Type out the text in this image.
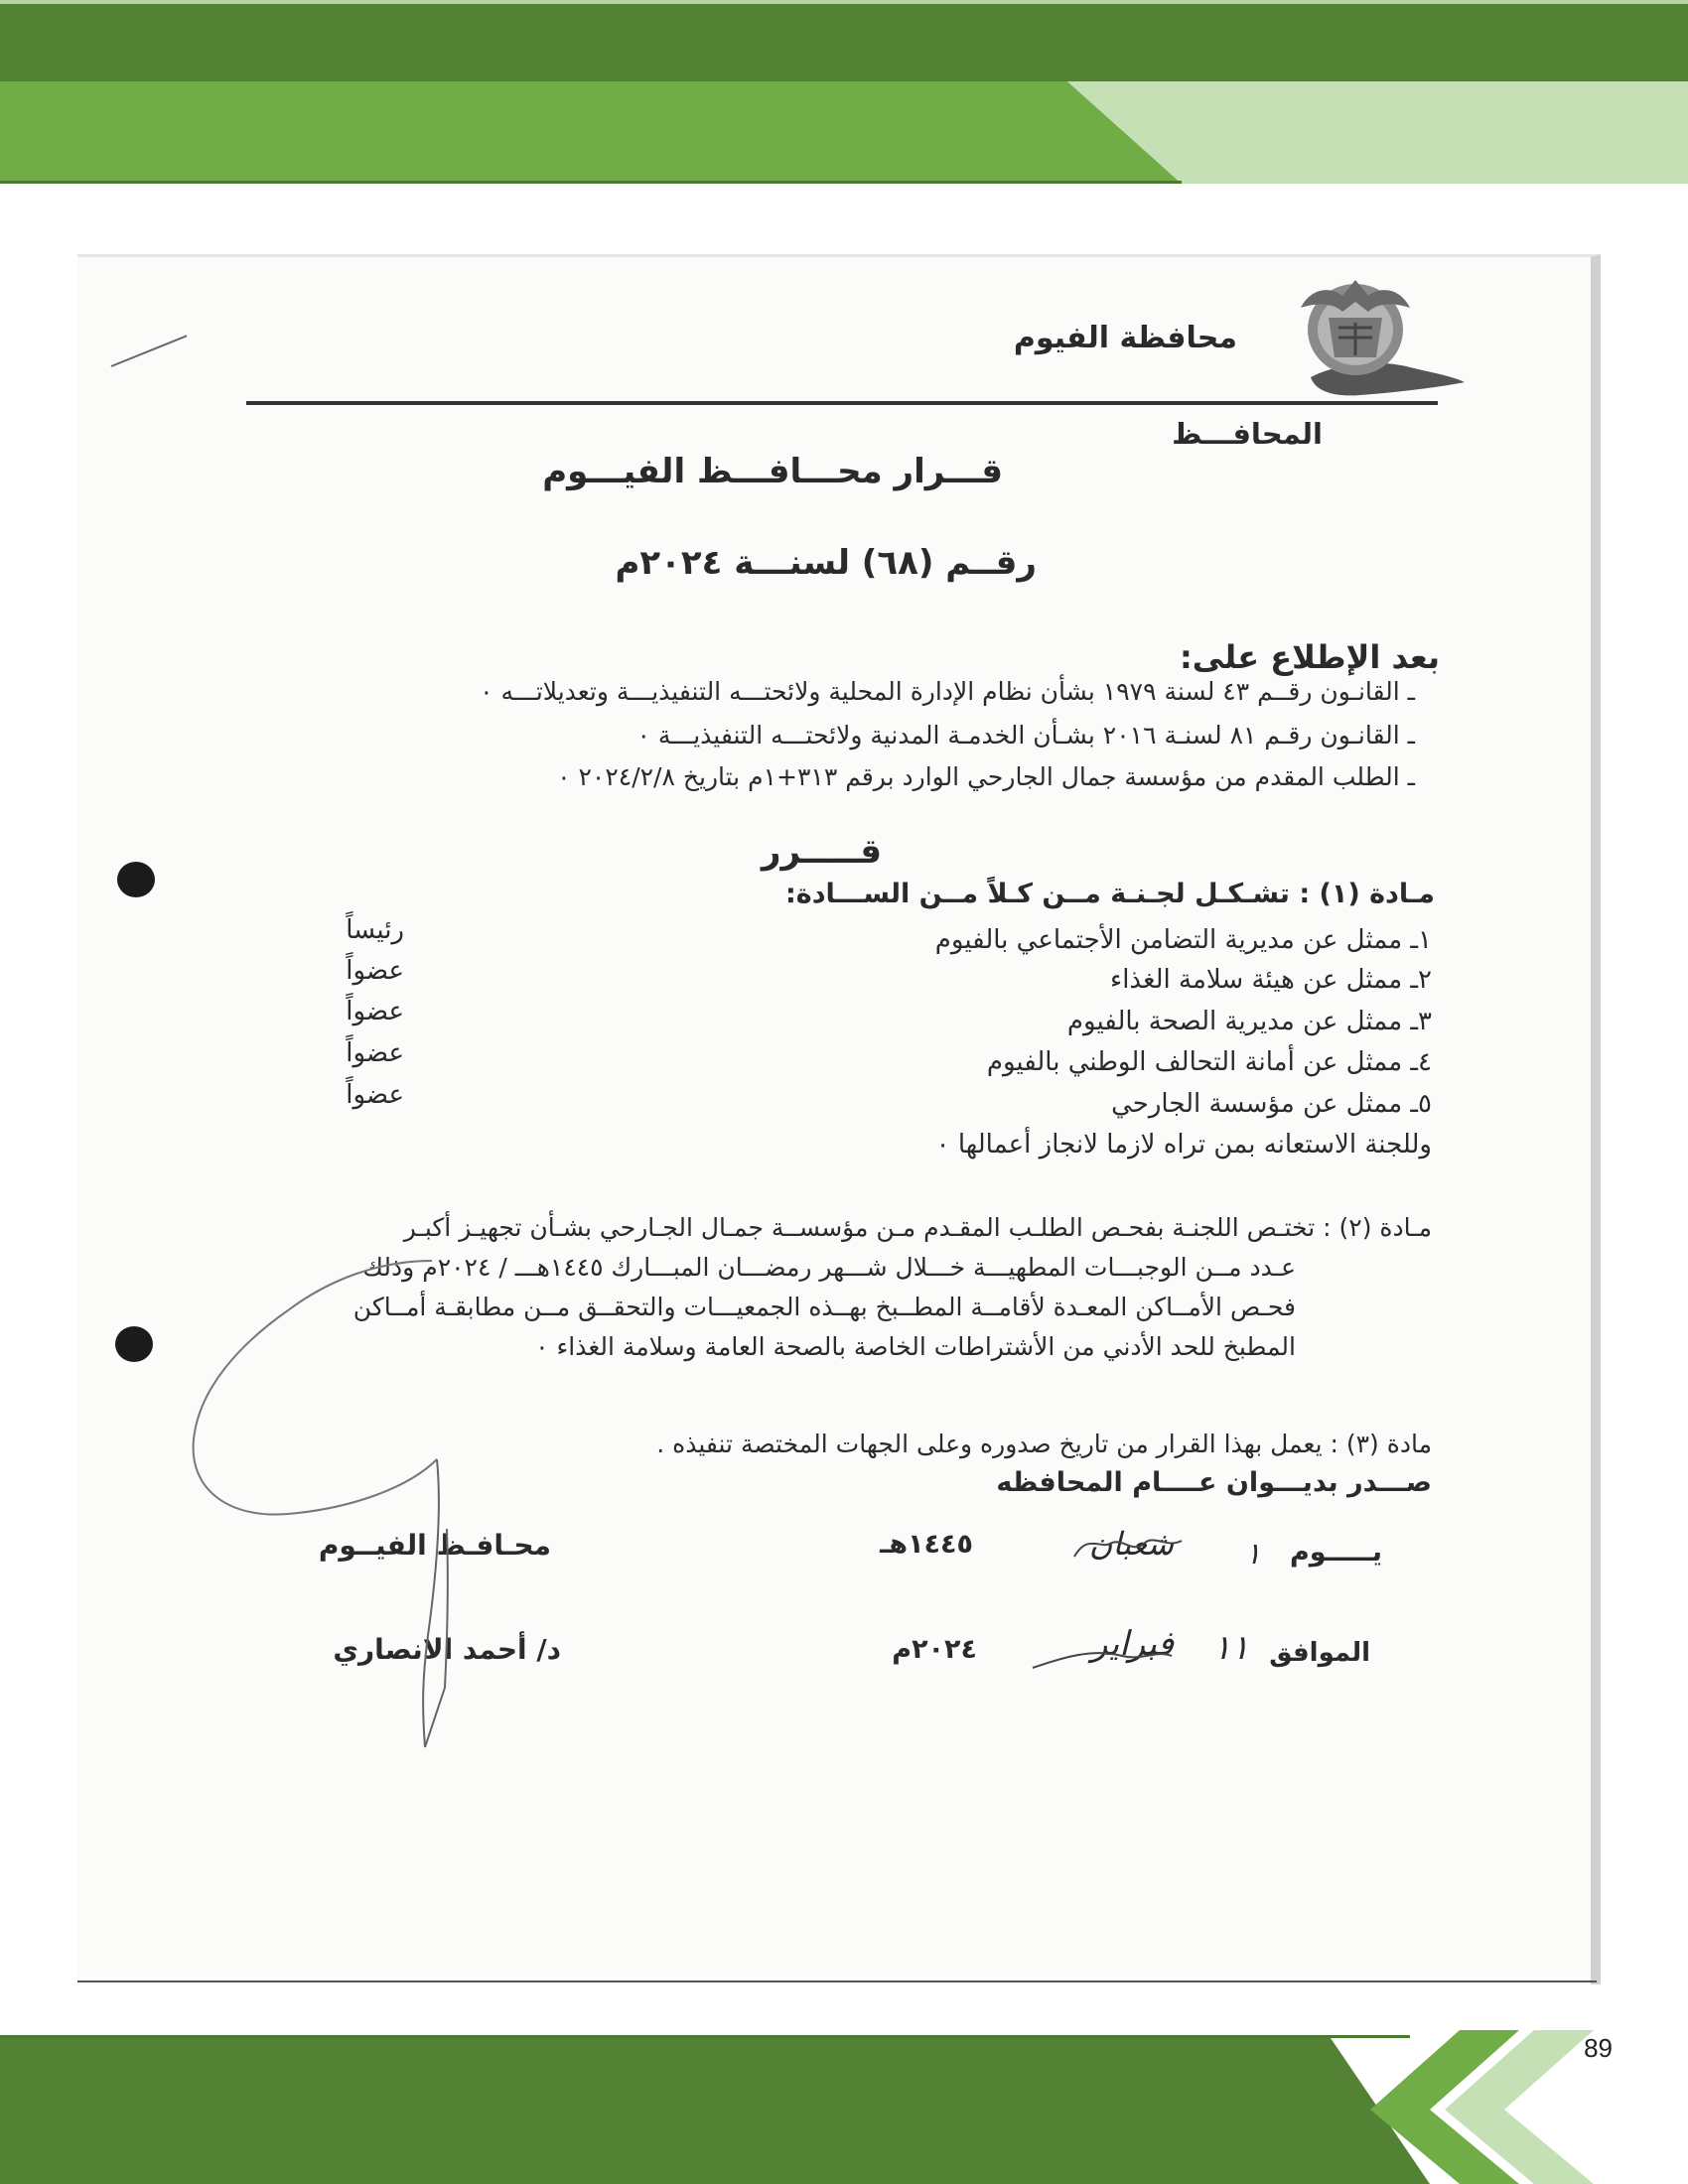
محافظة الفيوم
المحافـــظ
قـــرار محـــافـــظ الفيـــوم
رقــم (٦٨) لسنـــة ٢٠٢٤م
بعد الإطلاع على:
ـ القانـون رقــم ٤٣ لسنة ١٩٧٩ بشأن نظام الإدارة المحلية ولائحتـــه التنفيذيـــة وتعديلاتـــه ٠
ـ القانـون رقـم ٨١ لسنـة ٢٠١٦ بشـأن الخدمـة المدنية ولائحتـــه التنفيذيـــة ٠
ـ الطلب المقدم من مؤسسة جمال الجارحي الوارد برقم ٣١٣+١م بتاريخ ٢٠٢٤/٢/٨ ٠
قـــــرر
مـادة (١) : تشـكـل لجـنـة مــن كـلاً مــن الســـادة:
١ـ ممثل عن مديرية التضامن الأجتماعي بالفيوم
رئيساً
٢ـ ممثل عن هيئة سلامة الغذاء
عضواً
٣ـ ممثل عن مديرية الصحة بالفيوم
عضواً
٤ـ ممثل عن أمانة التحالف الوطني بالفيوم
عضواً
٥ـ ممثل عن مؤسسة الجارحي
عضواً
وللجنة الاستعانه بمن تراه لازما لانجاز أعمالها ٠
مـادة (٢) : تختـص اللجنـة بفحـص الطلـب المقـدم مـن مؤسســة جمـال الجـارحي بشـأن تجهيـز أكبـر
عـدد مــن الوجبـــات المطهيـــة خـــلال شـــهر رمضـــان المبـــارك ١٤٤٥هـــ / ٢٠٢٤م وذلك
فحـص الأمــاكن المعـدة لأقامــة المطــبخ بهــذه الجمعيـــات والتحقــق مــن مطابقـة أمــاكن
المطبخ للحد الأدني من الأشتراطات الخاصة بالصحة العامة وسلامة الغذاء ٠
مادة (٣) : يعمل بهذا القرار من تاريخ صدوره وعلى الجهات المختصة تنفيذه .
صـــدر بديـــوان عــــام المحافظه
يـــــوم
١
شعبان
١٤٤٥هـ
الموافق
١١
فبراير
٢٠٢٤م
محـافـظ الفيــوم
د/ أحمد الانصاري
89
